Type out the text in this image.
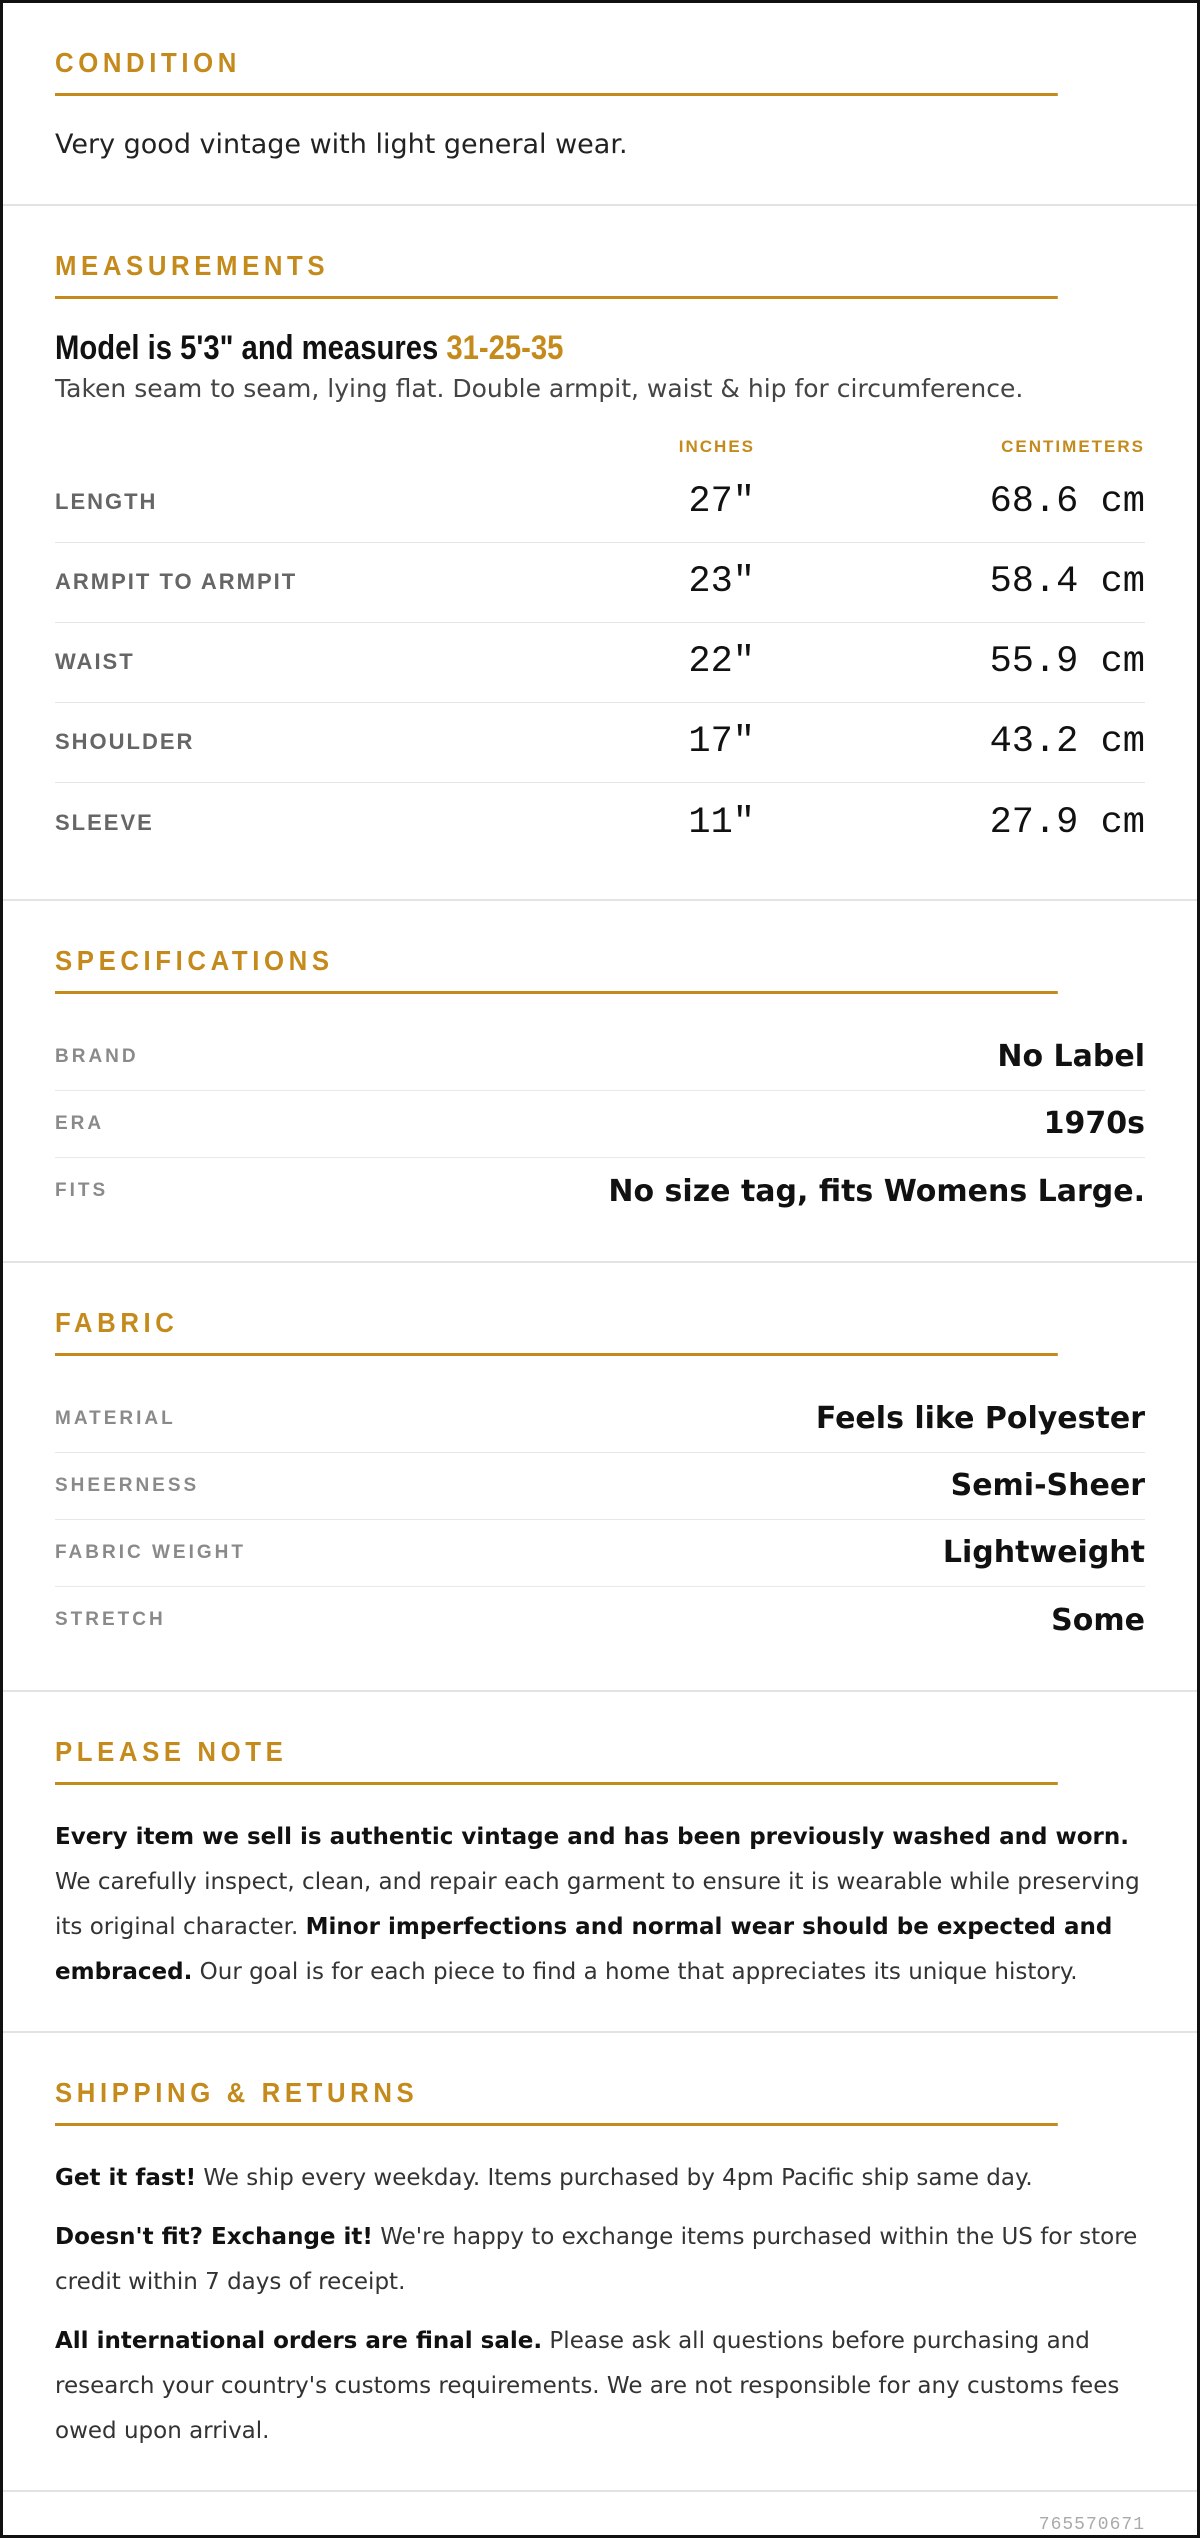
CONDITION
Very good vintage with light general wear.
MEASUREMENTS
Model is 5'3" and measures 31-25-35
Taken seam to seam, lying flat. Double armpit, waist & hip for circumference.
INCHES	CENTIMETERS
LENGTH	27"	68.6 cm
ARMPIT TO ARMPIT	23"	58.4 cm
WAIST	22"	55.9 cm
SHOULDER	17"	43.2 cm
SLEEVE	11"	27.9 cm
SPECIFICATIONS
BRAND	No Label
ERA	1970s
FITS	No size tag, fits Womens Large.
FABRIC
MATERIAL	Feels like Polyester
SHEERNESS	Semi-Sheer
FABRIC WEIGHT	Lightweight
STRETCH	Some
PLEASE NOTE

Every item we sell is authentic vintage and has been previously washed and worn. We carefully inspect, clean, and repair each garment to ensure it is wearable while preserving its original character. Minor imperfections and normal wear should be expected and embraced. Our goal is for each piece to find a home that appreciates its unique history.

SHIPPING & RETURNS

Get it fast! We ship every weekday. Items purchased by 4pm Pacific ship same day.

Doesn't fit? Exchange it! We're happy to exchange items purchased within the US for store credit within 7 days of receipt.

All international orders are final sale. Please ask all questions before purchasing and research your country's customs requirements. We are not responsible for any customs fees owed upon arrival.

765570671
